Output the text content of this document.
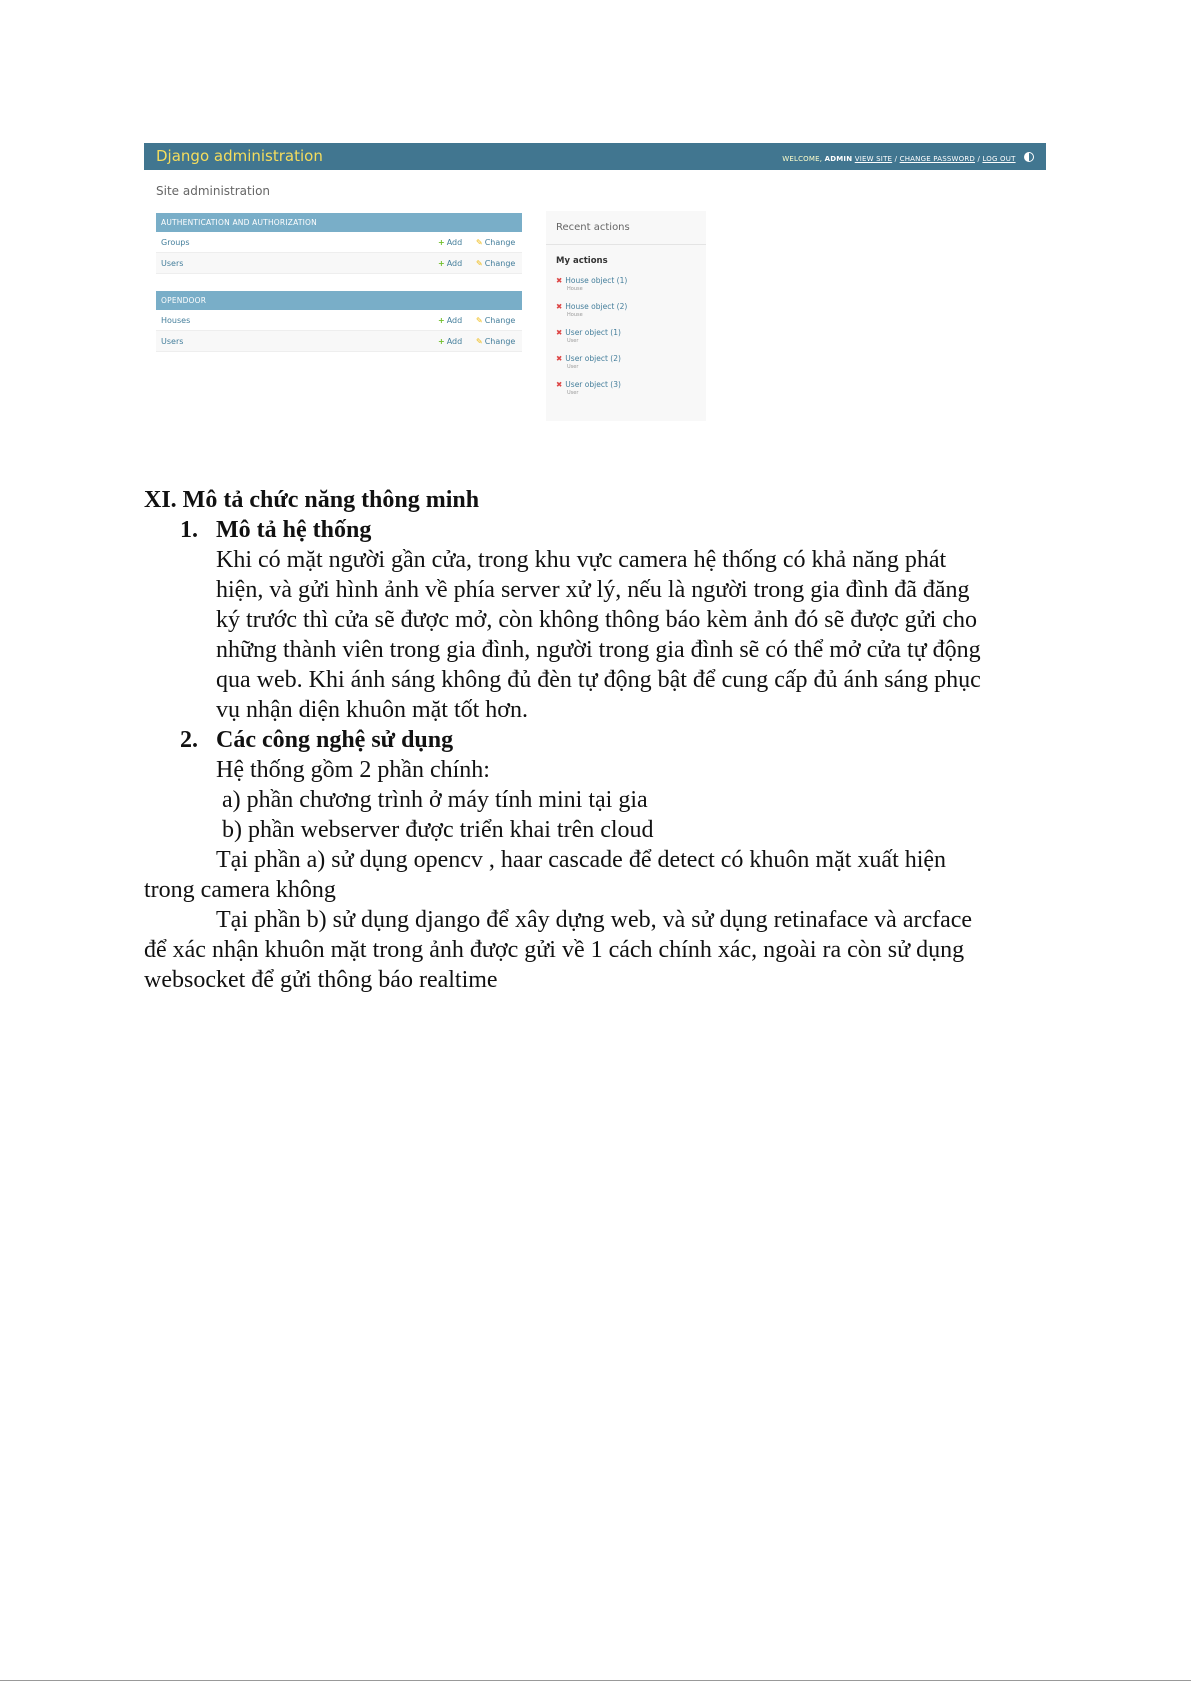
Django administration	WELCOME, ADMIN VIEW SITE / CHANGE PASSWORD / LOG OUT
Site administration
AUTHENTICATION AND AUTHORIZATION
Groups	+ Add	✎ Change
Users	+ Add	✎ Change
OPENDOOR
Houses	+ Add	✎ Change
Users	+ Add	✎ Change
Recent actions
My actions
✖ House object (1)
House
✖ House object (2)
House
✖ User object (1)
User
✖ User object (2)
User
✖ User object (3)
User

XI. Mô tả chức năng thông minh

1. Mô tả hệ thống

Khi có mặt người gần cửa, trong khu vực camera hệ thống có khả năng phát

hiện, và gửi hình ảnh về phía server xử lý, nếu là người trong gia đình đã đăng

ký trước thì cửa sẽ được mở, còn không thông báo kèm ảnh đó sẽ được gửi cho

những thành viên trong gia đình, người trong gia đình sẽ có thể mở cửa tự động

qua web. Khi ánh sáng không đủ đèn tự động bật để cung cấp đủ ánh sáng phục

vụ nhận diện khuôn mặt tốt hơn.

2. Các công nghệ sử dụng

Hệ thống gồm 2 phần chính:

a) phần chương trình ở máy tính mini tại gia

b) phần webserver được triển khai trên cloud

Tại phần a) sử dụng opencv , haar cascade để detect có khuôn mặt xuất hiện

trong camera không

Tại phần b) sử dụng django để xây dựng web, và sử dụng retinaface và arcface

để xác nhận khuôn mặt trong ảnh được gửi về 1 cách chính xác, ngoài ra còn sử dụng

websocket để gửi thông báo realtime
